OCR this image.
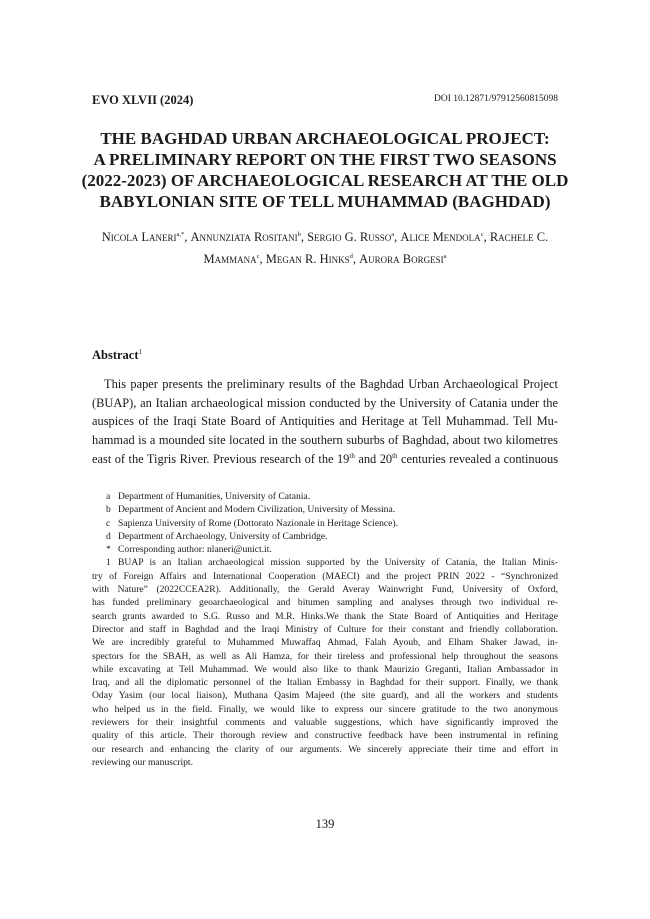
EVO XLVII (2024)	DOI 10.12871/97912560815098
THE BAGHDAD URBAN ARCHAEOLOGICAL PROJECT:
A PRELIMINARY REPORT ON THE FIRST TWO SEASONS
(2022-2023) OF ARCHAEOLOGICAL RESEARCH AT THE OLD
BABYLONIAN SITE OF TELL MUHAMMAD (BAGHDAD)
Nicola Laneri$^{a,*}$, Annunziata Rositani$^b$, Sergio G. Russo$^a$, Alice Mendola$^c$, Rachele C. Mammana$^c$, Megan R. Hinks$^d$, Aurora Borgesi$^a$
Abstract$^1$
This paper presents the preliminary results of the Baghdad Urban Archaeological Project
(BUAP), an Italian archaeological mission conducted by the University of Catania under the
auspices of the Iraqi State Board of Antiquities and Heritage at Tell Muhammad. Tell Mu-
hammad is a mounded site located in the southern suburbs of Baghdad, about two kilometres
east of the Tigris River. Previous research of the 19th and 20th centuries revealed a continuous
a Department of Humanities, University of Catania.
b Department of Ancient and Modern Civilization, University of Messina.
c Sapienza University of Rome (Dottorato Nazionale in Heritage Science).
d Department of Archaeology, University of Cambridge.
* Corresponding author: nlaneri@unict.it.
1 BUAP is an Italian archaeological mission supported by the University of Catania, the Italian Minis-
try of Foreign Affairs and International Cooperation (MAECI) and the project PRIN 2022 - “Synchronized
with Nature” (2022CCEA2R). Additionally, the Gerald Averay Wainwright Fund, University of Oxford,
has funded preliminary geoarchaeological and bitumen sampling and analyses through two individual re-
search grants awarded to S.G. Russo and M.R. Hinks.We thank the State Board of Antiquities and Heritage
Director and staff in Baghdad and the Iraqi Ministry of Culture for their constant and friendly collaboration.
We are incredibly grateful to Muhammed Muwaffaq Ahmad, Falah Ayoub, and Elham Shaker Jawad, in-
spectors for the SBAH, as well as Ali Hamza, for their tireless and professional help throughout the seasons
while excavating at Tell Muhammad. We would also like to thank Maurizio Greganti, Italian Ambassador in
Iraq, and all the diplomatic personnel of the Italian Embassy in Baghdad for their support. Finally, we thank
Oday Yasim (our local liaison), Muthana Qasim Majeed (the site guard), and all the workers and students
who helped us in the field. Finally, we would like to express our sincere gratitude to the two anonymous
reviewers for their insightful comments and valuable suggestions, which have significantly improved the
quality of this article. Their thorough review and constructive feedback have been instrumental in refining
our research and enhancing the clarity of our arguments. We sincerely appreciate their time and effort in
reviewing our manuscript.
139
